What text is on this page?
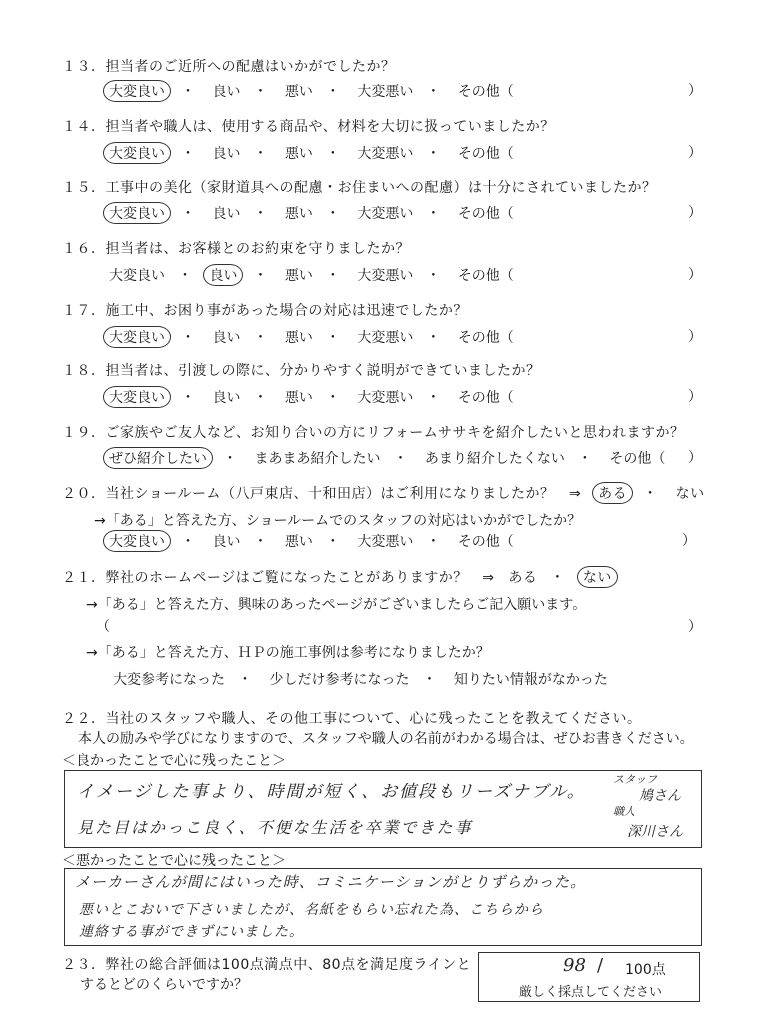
１３．担当者のご近所への配慮はいかがでしたか？
大変良い ・ 良い ・ 悪い ・ 大変悪い ・ その他（	）
１４．担当者や職人は、使用する商品や、材料を大切に扱っていましたか？
大変良い ・ 良い ・ 悪い ・ 大変悪い ・ その他（	）
１５．工事中の美化（家財道具への配慮・お住まいへの配慮）は十分にされていましたか？
大変良い ・ 良い ・ 悪い ・ 大変悪い ・ その他（	）
１６．担当者は、お客様とのお約束を守りましたか？
大変良い ・ 良い ・ 悪い ・ 大変悪い ・ その他（	）
１７．施工中、お困り事があった場合の対応は迅速でしたか？
大変良い ・ 良い ・ 悪い ・ 大変悪い ・ その他（	）
１８．担当者は、引渡しの際に、分かりやすく説明ができていましたか？
大変良い ・ 良い ・ 悪い ・ 大変悪い ・ その他（	）
１９．ご家族やご友人など、お知り合いの方にリフォームササキを紹介したいと思われますか？
ぜひ紹介したい ・ まあまあ紹介したい ・ あまり紹介したくない ・ その他（ ）
２０．当社ショールーム（八戸東店、十和田店）はご利用になりましたか？　⇒ ある ・ ない
→「ある」と答えた方、ショールームでのスタッフの対応はいかがでしたか？
大変良い ・ 良い ・ 悪い ・ 大変悪い ・ その他（	）
２１．弊社のホームページはご覧になったことがありますか？　⇒ ある ・ ない
→「ある」と答えた方、興味のあったページがございましたらご記入願います。
（	）
→「ある」と答えた方、ＨＰの施工事例は参考になりましたか？
大変参考になった ・ 少しだけ参考になった ・ 知りたい情報がなかった
２２．当社のスタッフや職人、その他工事について、心に残ったことを教えてください。
本人の励みや学びになりますので、スタッフや職人の名前がわかる場合は、ぜひお書きください。
＜良かったことで心に残ったこと＞
イメージした事より、時間が短く、お値段もリーズナブル。
見た目はかっこ良く、不便な生活を卒業できた事
スタッフ
鳩さん
職人
深川さん
＜悪かったことで心に残ったこと＞
メーカーさんが間にはいった時、コミニケーションがとりずらかった。
悪いとこおいで下さいましたが、名紙をもらい忘れた為、こちらから
連絡する事ができずにいました。
２３．弊社の総合評価は100点満点中、80点を満足度ラインと
するとどのくらいですか？
98 / 100点
厳しく採点してください
